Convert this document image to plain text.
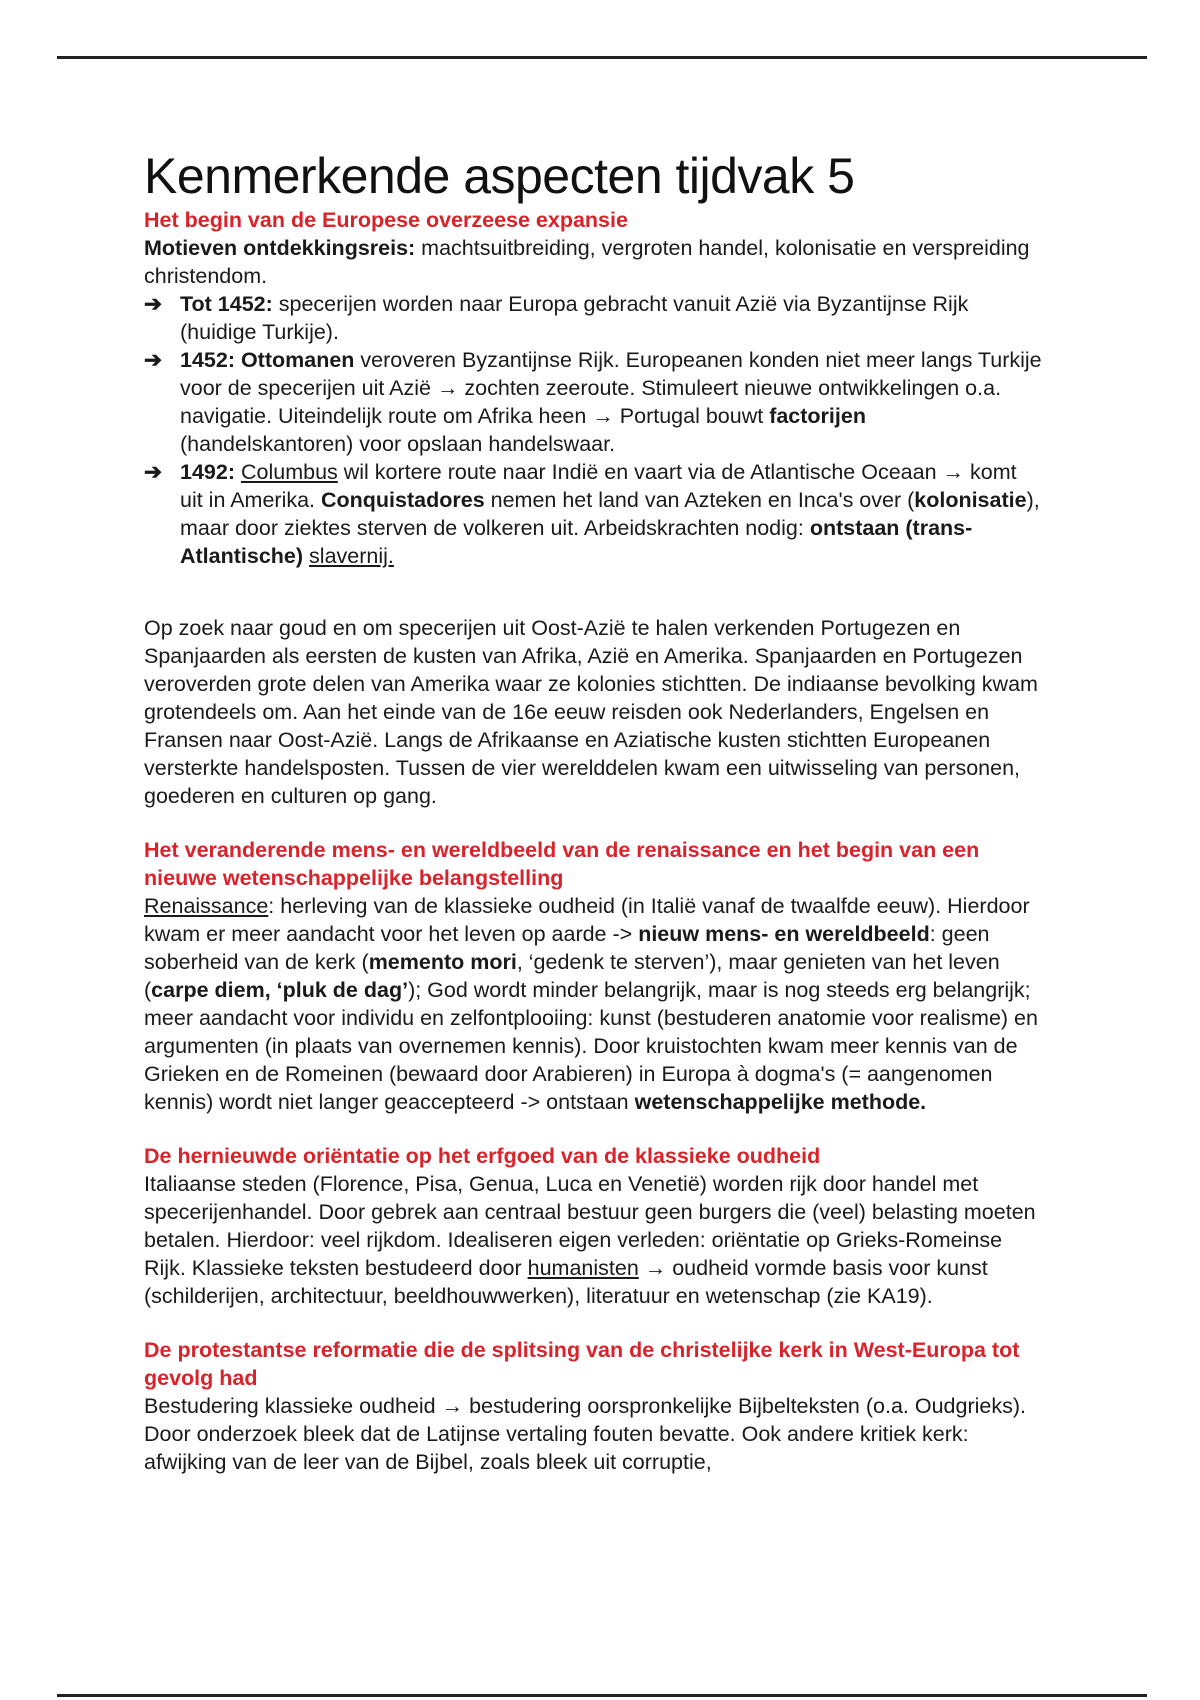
Kenmerkende aspecten tijdvak 5
Het begin van de Europese overzeese expansie

Motieven ontdekkingsreis: machtsuitbreiding, vergroten handel, kolonisatie en verspreiding christendom.

➔ Tot 1452: specerijen worden naar Europa gebracht vanuit Azië via Byzantijnse Rijk (huidige Turkije).
➔ 1452: Ottomanen veroveren Byzantijnse Rijk. Europeanen konden niet meer langs Turkije voor de specerijen uit Azië → zochten zeeroute. Stimuleert nieuwe ontwikkelingen o.a. navigatie. Uiteindelijk route om Afrika heen → Portugal bouwt factorijen (handelskantoren) voor opslaan handelswaar.
➔ 1492: Columbus wil kortere route naar Indië en vaart via de Atlantische Oceaan → komt uit in Amerika. Conquistadores nemen het land van Azteken en Inca's over (kolonisatie), maar door ziektes sterven de volkeren uit. Arbeidskrachten nodig: ontstaan (trans-Atlantische) slavernij.

Op zoek naar goud en om specerijen uit Oost-Azië te halen verkenden Portugezen en Spanjaarden als eersten de kusten van Afrika, Azië en Amerika. Spanjaarden en Portugezen veroverden grote delen van Amerika waar ze kolonies stichtten. De indiaanse bevolking kwam grotendeels om. Aan het einde van de 16e eeuw reisden ook Nederlanders, Engelsen en Fransen naar Oost-Azië. Langs de Afrikaanse en Aziatische kusten stichtten Europeanen versterkte handelsposten. Tussen de vier werelddelen kwam een uitwisseling van personen, goederen en culturen op gang.

Het veranderende mens- en wereldbeeld van de renaissance en het begin van een nieuwe wetenschappelijke belangstelling

Renaissance: herleving van de klassieke oudheid (in Italië vanaf de twaalfde eeuw). Hierdoor kwam er meer aandacht voor het leven op aarde -> nieuw mens- en wereldbeeld: geen soberheid van de kerk (memento mori, ‘gedenk te sterven’), maar genieten van het leven (carpe diem, ‘pluk de dag’); God wordt minder belangrijk, maar is nog steeds erg belangrijk; meer aandacht voor individu en zelfontplooiing: kunst (bestuderen anatomie voor realisme) en argumenten (in plaats van overnemen kennis). Door kruistochten kwam meer kennis van de Grieken en de Romeinen (bewaard door Arabieren) in Europa à dogma's (= aangenomen kennis) wordt niet langer geaccepteerd -> ontstaan wetenschappelijke methode.

De hernieuwde oriëntatie op het erfgoed van de klassieke oudheid

Italiaanse steden (Florence, Pisa, Genua, Luca en Venetië) worden rijk door handel met specerijenhandel. Door gebrek aan centraal bestuur geen burgers die (veel) belasting moeten betalen. Hierdoor: veel rijkdom. Idealiseren eigen verleden: oriëntatie op Grieks-Romeinse Rijk. Klassieke teksten bestudeerd door humanisten → oudheid vormde basis voor kunst (schilderijen, architectuur, beeldhouwwerken), literatuur en wetenschap (zie KA19).

De protestantse reformatie die de splitsing van de christelijke kerk in West-Europa tot gevolg had

Bestudering klassieke oudheid → bestudering oorspronkelijke Bijbelteksten (o.a. Oudgrieks). Door onderzoek bleek dat de Latijnse vertaling fouten bevatte. Ook andere kritiek kerk: afwijking van de leer van de Bijbel, zoals bleek uit corruptie,
